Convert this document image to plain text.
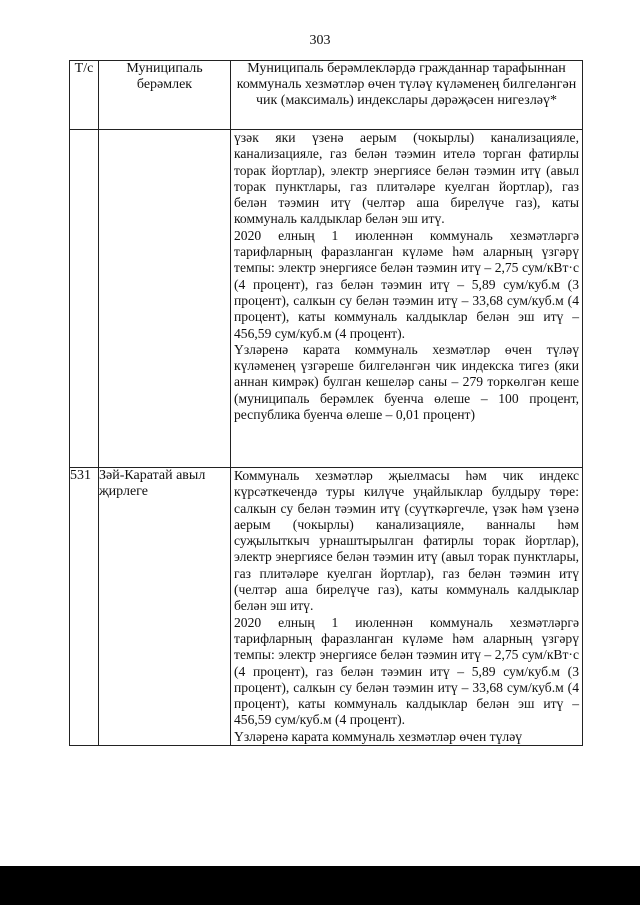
303
Т/с	Муниципаль берәмлек	Муниципаль берәмлекләрдә гражданнар тарафыннан коммуналь хезмәтләр өчен түләү күләменең билгеләнгән чик (максималь) индекслары дәрәҗәсен нигезләү*

		үзәк яки үзенә аерым (чокырлы) канализацияле, канализацияле, газ белән тәэмин ителә торган фатирлы торак йортлар), электр энергиясе белән тәэмин итү (авыл торак пунктлары, газ плитәләре куелган йортлар), газ белән тәэмин итү (челтәр аша бирелүче газ), каты коммуналь калдыклар белән эш итү.

2020 елның 1 июленнән коммуналь хезмәтләргә тарифларның фаразланган күләме һәм аларның үзгәрү темпы: электр энергиясе белән тәэмин итү – 2,75 сум/кВт·с (4 процент), газ белән тәэмин итү – 5,89 сум/куб.м (3 процент), салкын су белән тәэмин итү – 33,68 сум/куб.м (4 процент), каты коммуналь калдыклар белән эш итү – 456,59 сум/куб.м (4 процент).

Үзләренә карата коммуналь хезмәтләр өчен түләү күләменең үзгәреше билгеләнгән чик индекска тигез (яки аннан кимрәк) булган кешеләр саны – 279 торкөлгән кеше (муниципаль берәмлек буенча өлеше – 100 процент, республика буенча өлеше – 0,01 процент)

531	Зәй-Каратай авыл җирлеге	Коммуналь хезмәтләр җыелмасы һәм чик индекс күрсәткечендә туры килүче уңайлыклар булдыру төре: салкын су белән тәэмин итү (суүткәргечле, үзәк һәм үзенә аерым (чокырлы) канализацияле, ванналы һәм суҗылыткыч урнаштырылган фатирлы торак йортлар), электр энергиясе белән тәэмин итү (авыл торак пунктлары, газ плитәләре куелган йортлар), газ белән тәэмин итү (челтәр аша бирелүче газ), каты коммуналь калдыклар белән эш итү.

2020 елның 1 июленнән коммуналь хезмәтләргә тарифларның фаразланган күләме һәм аларның үзгәрү темпы: электр энергиясе белән тәэмин итү – 2,75 сум/кВт·с (4 процент), газ белән тәэмин итү – 5,89 сум/куб.м (3 процент), салкын су белән тәэмин итү – 33,68 сум/куб.м (4 процент), каты коммуналь калдыклар белән эш итү – 456,59 сум/куб.м (4 процент).

Үзләренә карата коммуналь хезмәтләр өчен түләү
